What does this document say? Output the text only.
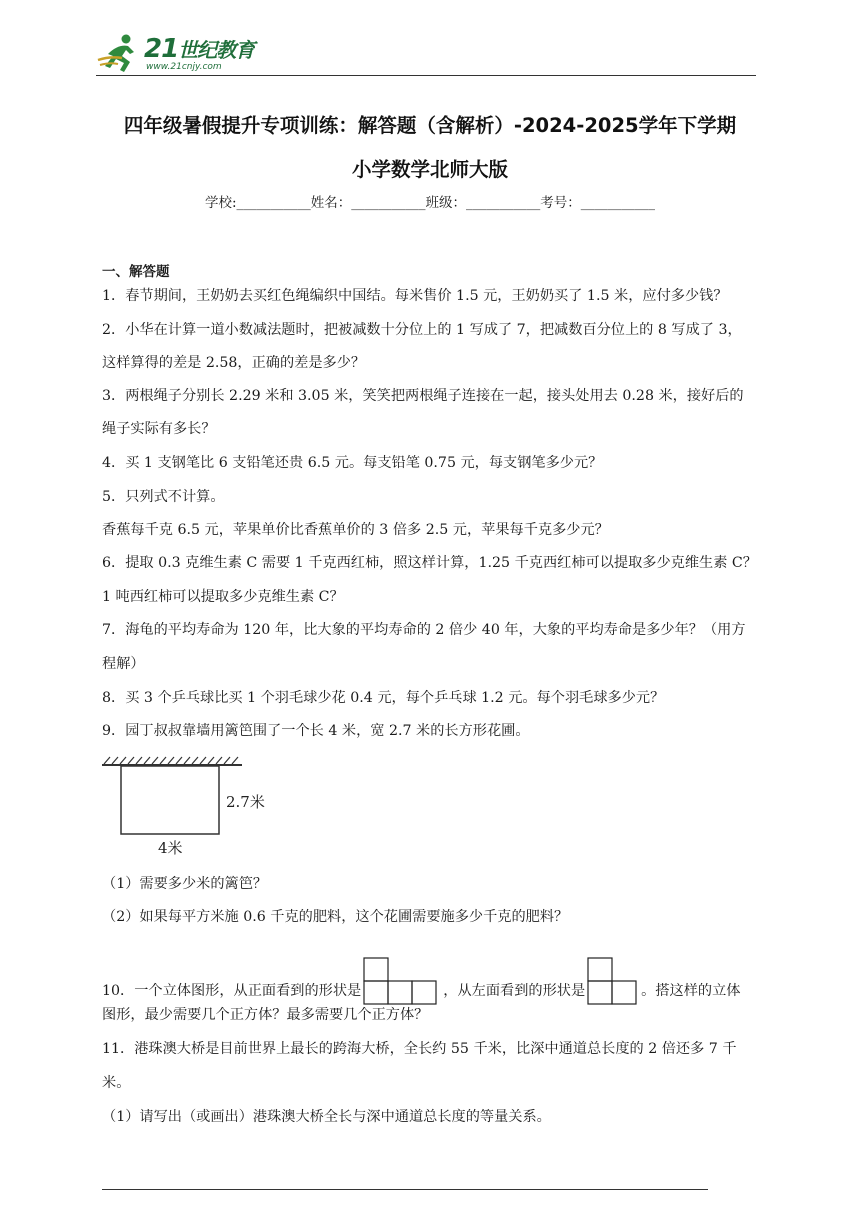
21世纪教育
www.21cnjy.com
四年级暑假提升专项训练：解答题（含解析）-2024-2025学年下学期
小学数学北师大版
学校:___________姓名：___________班级：___________考号：___________
一、解答题
1．春节期间，王奶奶去买红色绳编织中国结。每米售价 1.5 元，王奶奶买了 1.5 米，应付多少钱？
2．小华在计算一道小数减法题时，把被减数十分位上的 1 写成了 7，把减数百分位上的 8 写成了 3，
这样算得的差是 2.58，正确的差是多少？
3．两根绳子分别长 2.29 米和 3.05 米，笑笑把两根绳子连接在一起，接头处用去 0.28 米，接好后的
绳子实际有多长？
4．买 1 支钢笔比 6 支铅笔还贵 6.5 元。每支铅笔 0.75 元，每支钢笔多少元？
5．只列式不计算。
香蕉每千克 6.5 元，苹果单价比香蕉单价的 3 倍多 2.5 元，苹果每千克多少元？
6．提取 0.3 克维生素 C 需要 1 千克西红柿，照这样计算，1.25 千克西红柿可以提取多少克维生素 C？
1 吨西红柿可以提取多少克维生素 C？
7．海龟的平均寿命为 120 年，比大象的平均寿命的 2 倍少 40 年，大象的平均寿命是多少年？（用方
程解）
8．买 3 个乒乓球比买 1 个羽毛球少花 0.4 元，每个乒乓球 1.2 元。每个羽毛球多少元？
9．园丁叔叔靠墙用篱笆围了一个长 4 米，宽 2.7 米的长方形花圃。
2.7米
4米
（1）需要多少米的篱笆？
（2）如果每平方米施 0.6 千克的肥料，这个花圃需要施多少千克的肥料？
10．一个立体图形，从正面看到的形状是	，从左面看到的形状是	。搭这样的立体
图形，最少需要几个正方体？最多需要几个正方体？
11．港珠澳大桥是目前世界上最长的跨海大桥，全长约 55 千米，比深中通道总长度的 2 倍还多 7 千
米。
（1）请写出（或画出）港珠澳大桥全长与深中通道总长度的等量关系。
